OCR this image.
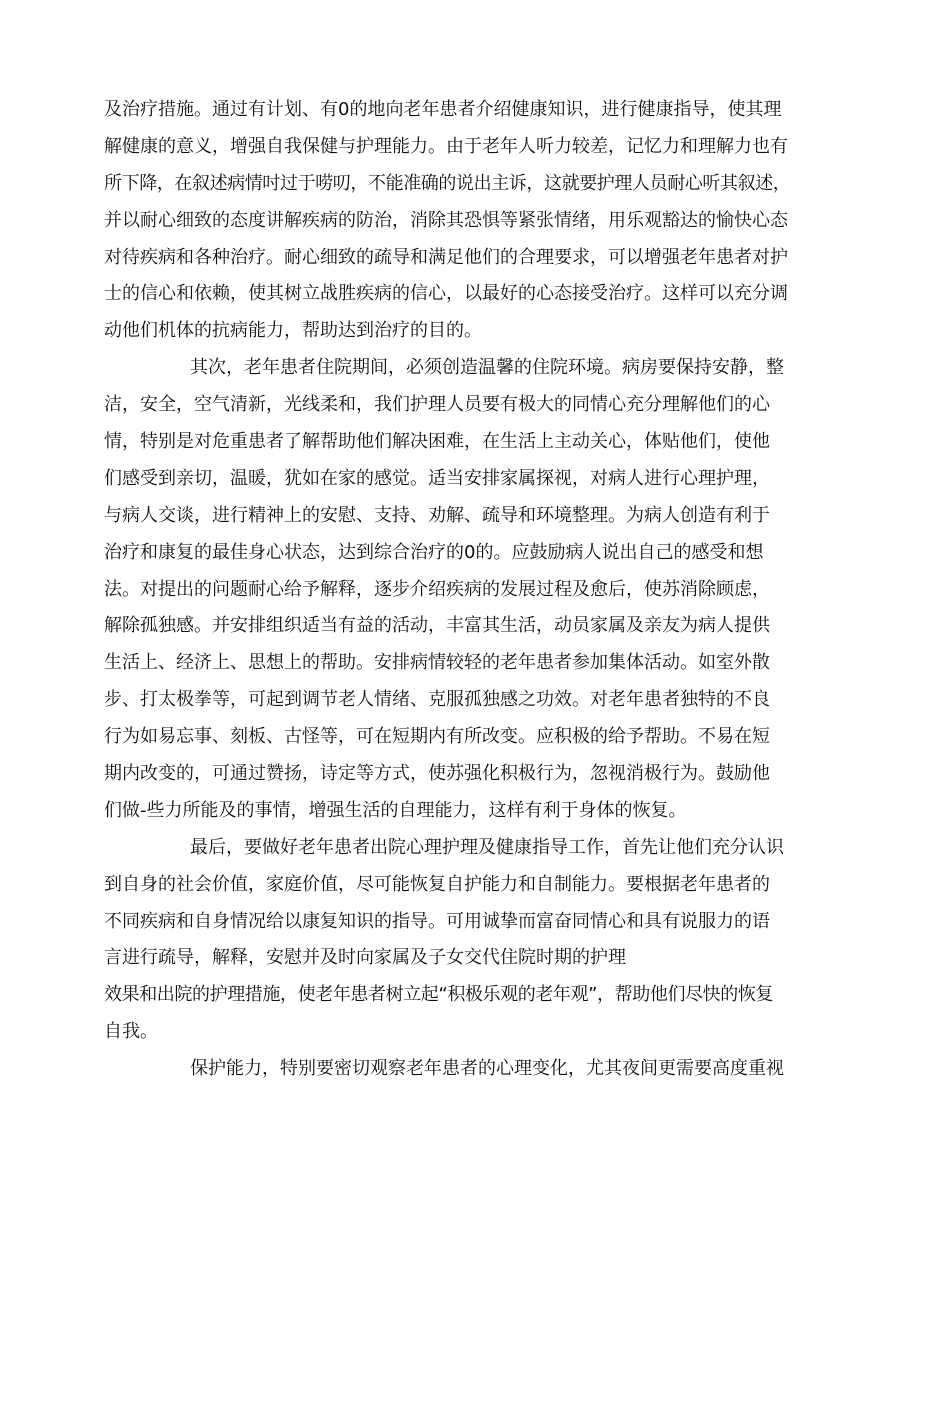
及治疗措施。通过有计划、有0的地向老年患者介绍健康知识，进行健康指导，使其理
解健康的意义，增强自我保健与护理能力。由于老年人听力较差，记忆力和理解力也有
所下降，在叙述病情吋过于唠叨，不能准确的说出主诉，这就要护理人员耐心听其叙述，
并以耐心细致的态度讲解疾病的防治，消除其恐惧等紧张情绪，用乐观豁达的愉快心态
对待疾病和各种治疗。耐心细致的疏导和满足他们的合理要求，可以增强老年患者对护
士的信心和依赖，使其树立战胜疾病的信心，以最好的心态接受治疗。这样可以充分调
动他们机体的抗病能力，帮助达到治疗的目的。
其次，老年患者住院期间，必须创造温馨的住院环境。病房要保持安静，整
洁，安全，空气清新，光线柔和，我们护理人员要有极大的同情心充分理解他们的心
情，特别是对危重患者了解帮助他们解决困难，在生活上主动关心，体贴他们，使他
们感受到亲切，温暖，犹如在家的感觉。适当安排家属探视，对病人进行心理护理，
与病人交谈，进行精神上的安慰、支持、劝解、疏导和环境整理。为病人创造有利于
治疗和康复的最佳身心状态，达到综合治疗的0的。应鼓励病人说出自己的感受和想
法。对提出的问题耐心给予解释，逐步介绍疾病的发展过程及愈后，使苏消除顾虑，
解除孤独感。并安排组织适当有益的活动，丰富其生活，动员家属及亲友为病人提供
生活上、经济上、思想上的帮助。安排病情较轻的老年患者参加集体活动。如室外散
步、打太极拳等，可起到调节老人情绪、克服孤独感之功效。对老年患者独特的不良
行为如易忘事、刻板、古怪等，可在短期内有所改变。应积极的给予帮助。不易在短
期内改变的，可通过赞扬，诗定等方式，使苏强化积极行为，忽视消极行为。鼓励他
们做-些力所能及的事情，增强生活的自理能力，这样有利于身体的恢复。
最后，要做好老年患者出院心理护理及健康指导工作，首先让他们充分认识
到自身的社会价值，家庭价值，尽可能恢复自护能力和自制能力。要根据老年患者的
不同疾病和自身情况给以康复知识的指导。可用诚挚而富奋同情心和具有说服力的语
言进行疏导，解释，安慰并及时向家属及子女交代住院时期的护理
效果和出院的护理措施，使老年患者树立起“积极乐观的老年观”，帮助他们尽快的恢复
自我。
保护能力，特别要密切观察老年患者的心理变化，尤其夜间更需要高度重视
